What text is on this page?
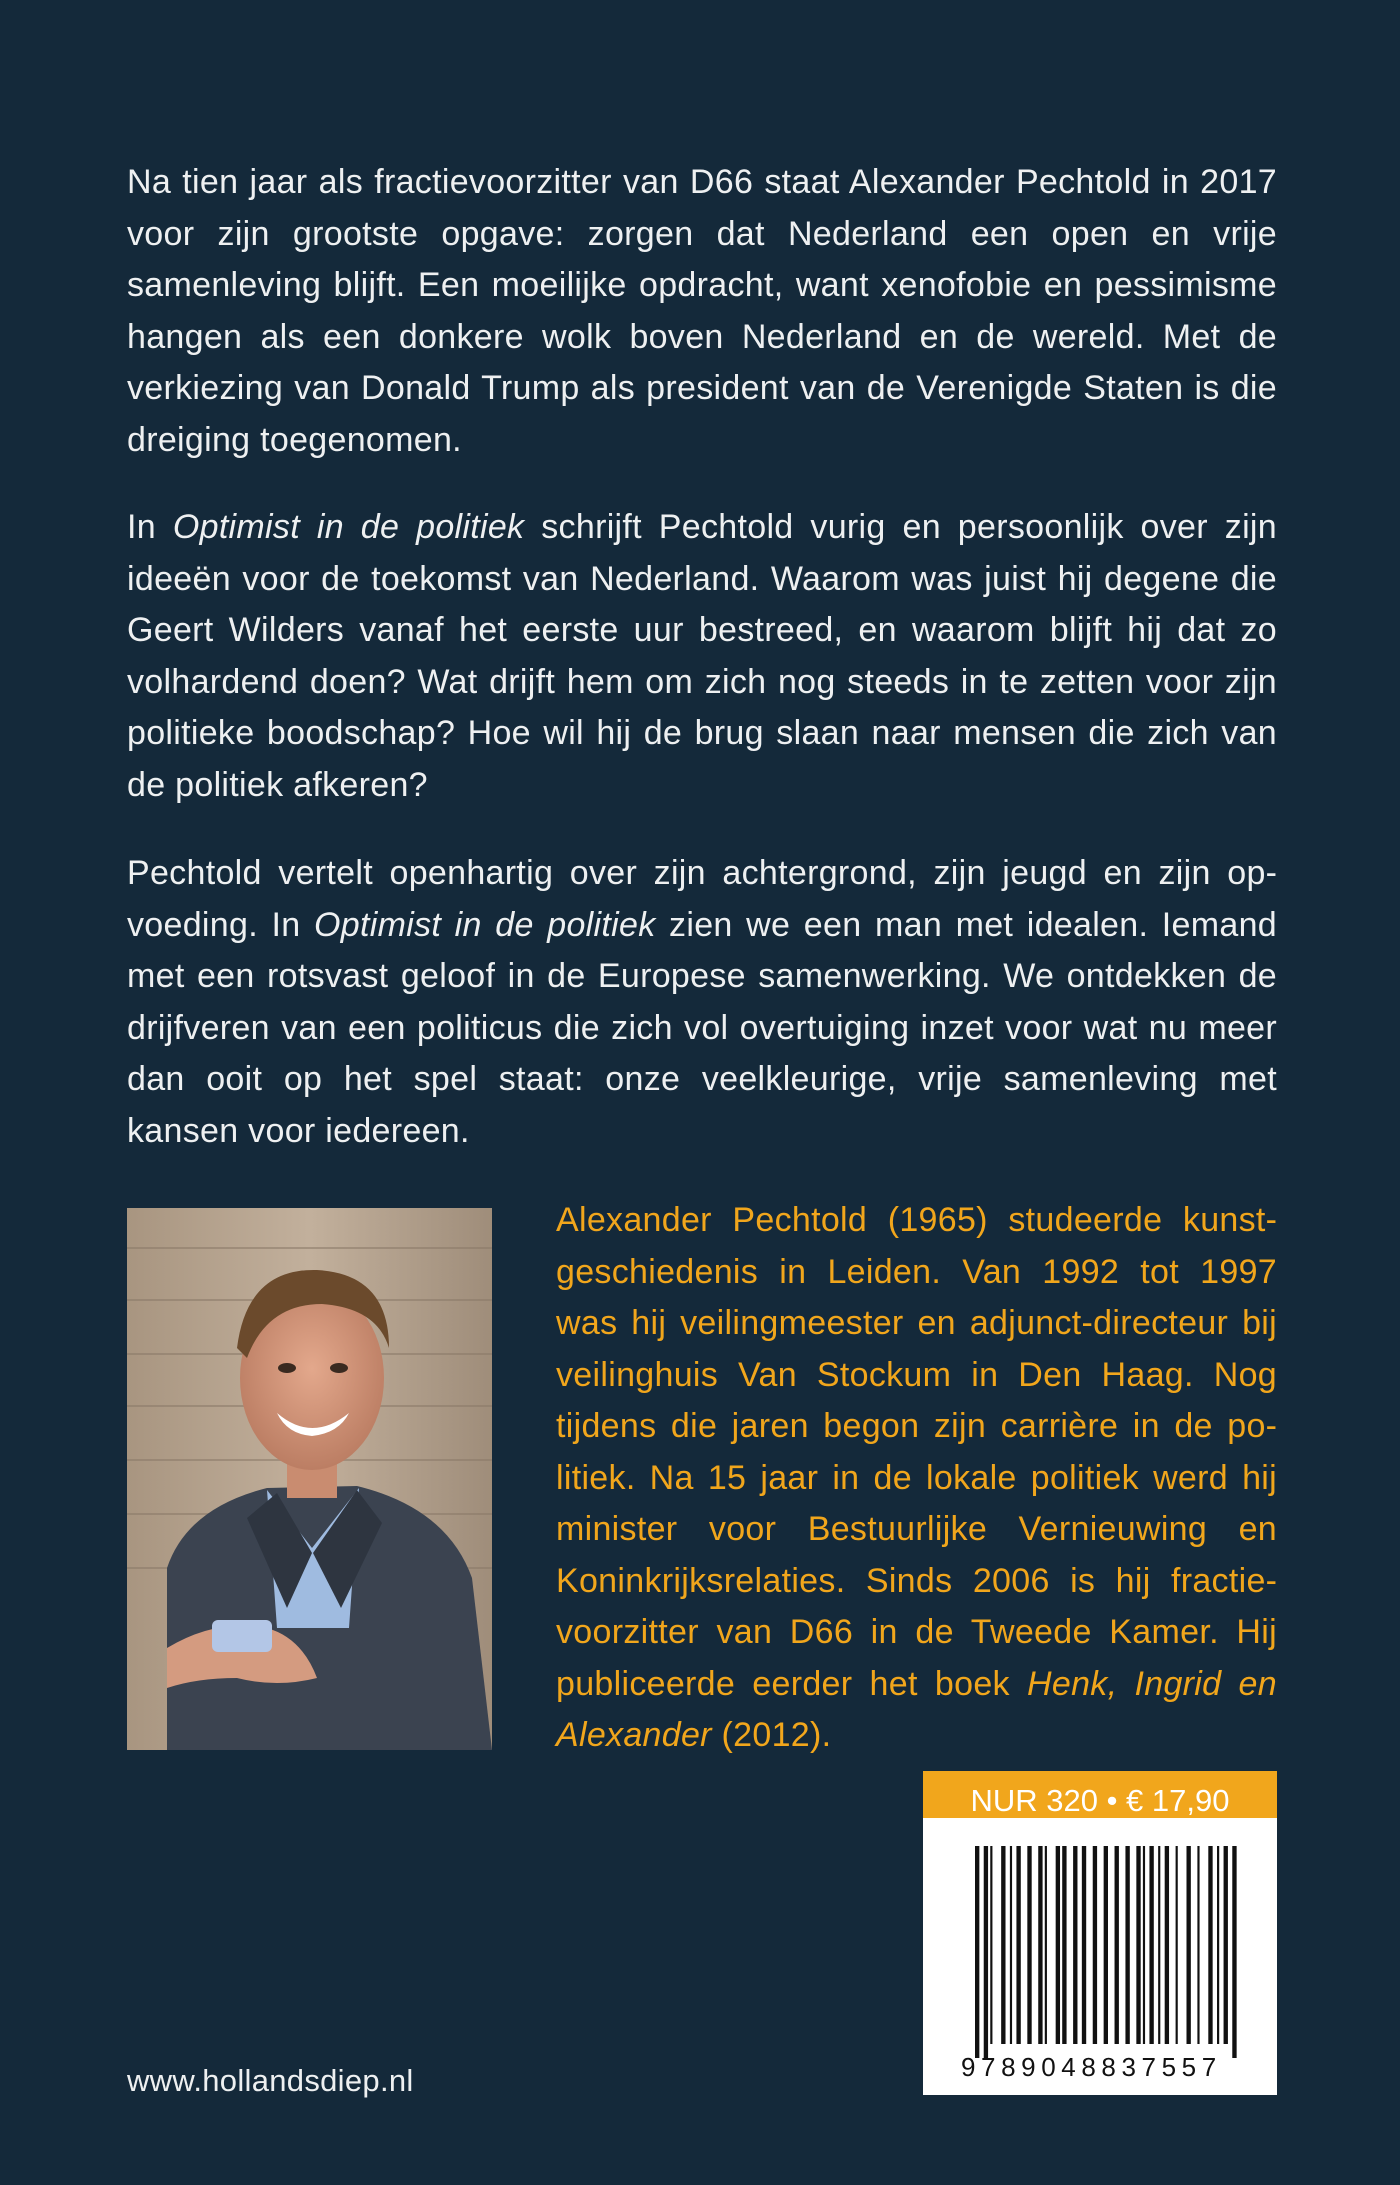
Na tien jaar als fractievoorzitter van D66 staat Alexander Pechtold in 2017 voor zijn grootste opgave: zorgen dat Nederland een open en vrije samenleving blijft. Een moeilijke opdracht, want xenofobie en pessimisme hangen als een donkere wolk boven Nederland en de wereld. Met de verkiezing van Donald Trump als president van de Verenigde Staten is die dreiging toegenomen.

In Optimist in de politiek schrijft Pechtold vurig en persoonlijk over zijn ideeën voor de toekomst van Nederland. Waarom was juist hij degene die Geert Wilders vanaf het eerste uur bestreed, en waarom blijft hij dat zo volhardend doen? Wat drijft hem om zich nog steeds in te zetten voor zijn politieke boodschap? Hoe wil hij de brug slaan naar mensen die zich van de politiek afkeren?

Pechtold vertelt openhartig over zijn achtergrond, zijn jeugd en zijn opvoeding. In Optimist in de politiek zien we een man met idealen. Iemand met een rotsvast geloof in de Europese samenwerking. We ontdekken de drijfveren van een politicus die zich vol overtuiging inzet voor wat nu meer dan ooit op het spel staat: onze veelkleurige, vrije samenleving met kansen voor iedereen.

Alexander Pechtold (1965) studeerde kunstgeschiedenis in Leiden. Van 1992 tot 1997 was hij veilingmeester en adjunct-directeur bij veilinghuis Van Stockum in Den Haag. Nog tijdens die jaren begon zijn carrière in de politiek. Na 15 jaar in de lokale politiek werd hij minister voor Bestuurlijke Vernieuwing en Koninkrijksrelaties. Sinds 2006 is hij fractievoorzitter van D66 in de Tweede Kamer. Hij publiceerde eerder het boek Henk, Ingrid en Alexander (2012).

NUR 320 • € 17,90
9789048837557
www.hollandsdiep.nl
